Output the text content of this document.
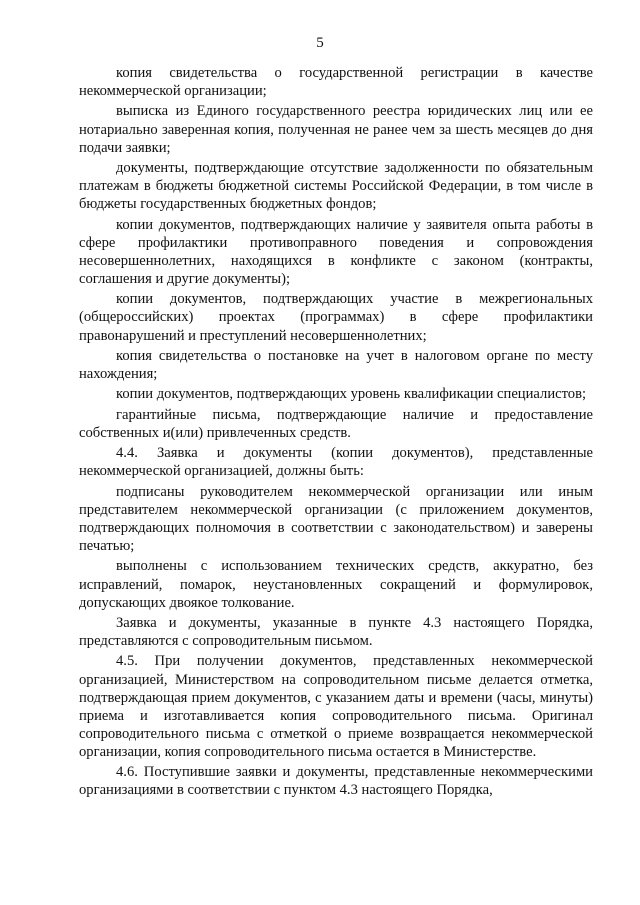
5

копия свидетельства о государственной регистрации в качестве некоммерческой организации;

выписка из Единого государственного реестра юридических лиц или ее нотариально заверенная копия, полученная не ранее чем за шесть месяцев до дня подачи заявки;

документы, подтверждающие отсутствие задолженности по обязательным платежам в бюджеты бюджетной системы Российской Федерации, в том числе в бюджеты государственных бюджетных фондов;

копии документов, подтверждающих наличие у заявителя опыта работы в сфере профилактики противоправного поведения и сопровождения несовершеннолетних, находящихся в конфликте с законом (контракты, соглашения и другие документы);

копии документов, подтверждающих участие в межрегиональных (общероссийских) проектах (программах) в сфере профилактики правонарушений и преступлений несовершеннолетних;

копия свидетельства о постановке на учет в налоговом органе по месту нахождения;

копии документов, подтверждающих уровень квалификации специалистов;

гарантийные письма, подтверждающие наличие и предоставление собственных и(или) привлеченных средств.

4.4. Заявка и документы (копии документов), представленные некоммерческой организацией, должны быть:

подписаны руководителем некоммерческой организации или иным представителем некоммерческой организации (с приложением документов, подтверждающих полномочия в соответствии с законодательством) и заверены печатью;

выполнены с использованием технических средств, аккуратно, без исправлений, помарок, неустановленных сокращений и формулировок, допускающих двоякое толкование.

Заявка и документы, указанные в пункте 4.3 настоящего Порядка, представляются с сопроводительным письмом.

4.5. При получении документов, представленных некоммерческой организацией, Министерством на сопроводительном письме делается отметка, подтверждающая прием документов, с указанием даты и времени (часы, минуты) приема и изготавливается копия сопроводительного письма. Оригинал сопроводительного письма с отметкой о приеме возвращается некоммерческой организации, копия сопроводительного письма остается в Министерстве.

4.6. Поступившие заявки и документы, представленные некоммерческими организациями в соответствии с пунктом 4.3 настоящего Порядка,
